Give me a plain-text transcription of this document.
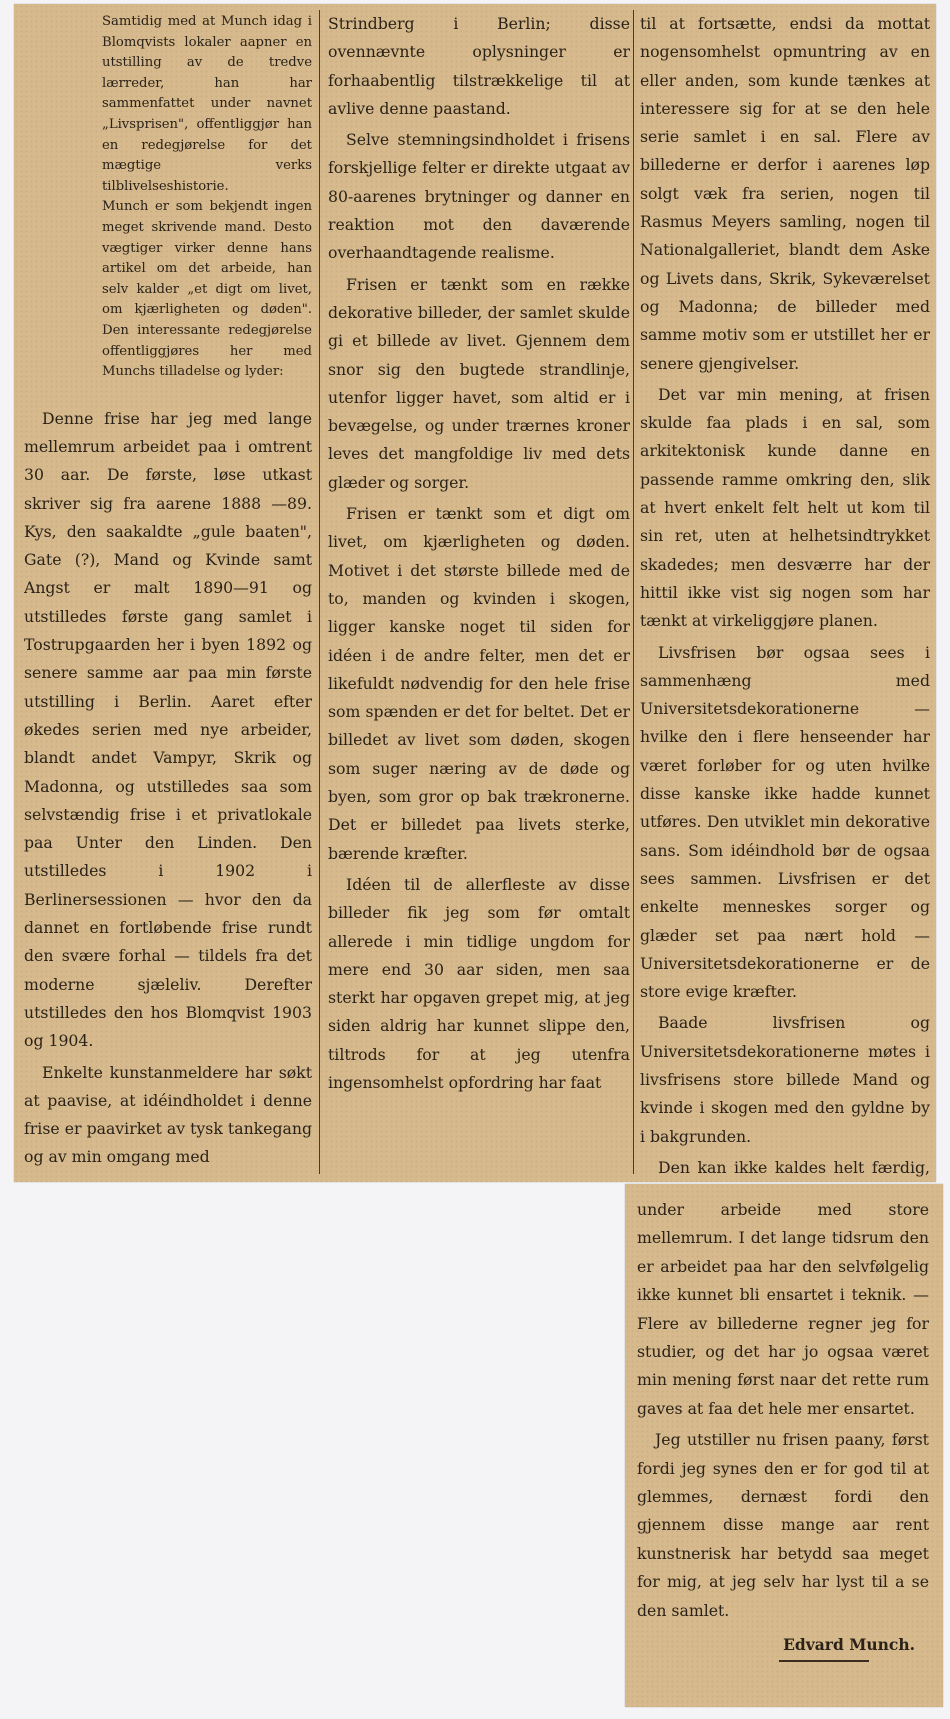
Samtidig med at Munch idag i Blomqvists lokaler aapner en utstilling av de tredve lærreder, han har sammenfattet under navnet „Livsprisen", offentliggjør han en redegjørelse for det mægtige verks tilblivelseshistorie.

Munch er som bekjendt ingen meget skrivende mand. Desto vægtiger virker denne hans artikel om det arbeide, han selv kalder „et digt om livet, om kjærligheten og døden". Den interessante redegjørelse offentliggjøres her med Munchs tilladelse og lyder:

Denne frise har jeg med lange mellemrum arbeidet paa i omtrent 30 aar. De første, løse utkast skriver sig fra aarene 1888 —89. Kys, den saakaldte „gule baaten", Gate (?), Mand og Kvinde samt Angst er malt 1890—91 og utstilledes første gang samlet i Tostrupgaarden her i byen 1892 og senere samme aar paa min første utstilling i Berlin. Aaret efter økedes serien med nye arbeider, blandt andet Vampyr, Skrik og Madonna, og utstilledes saa som selvstændig frise i et privatlokale paa Unter den Linden. Den utstilledes i 1902 i Berlinersessionen — hvor den da dannet en fortløbende frise rundt den svære forhal — tildels fra det moderne sjæleliv. Derefter utstilledes den hos Blomqvist 1903 og 1904.

Enkelte kunstanmeldere har søkt at paavise, at idéindholdet i denne frise er paavirket av tysk tankegang og av min omgang med

Strindberg i Berlin; disse ovennævnte oplysninger er forhaabentlig tilstrækkelige til at avlive denne paastand.

Selve stemningsindholdet i frisens forskjellige felter er direkte utgaat av 80-aarenes brytninger og danner en reaktion mot den daværende overhaandtagende realisme.

Frisen er tænkt som en række dekorative billeder, der samlet skulde gi et billede av livet. Gjennem dem snor sig den bugtede strandlinje, utenfor ligger havet, som altid er i bevægelse, og under trærnes kroner leves det mangfoldige liv med dets glæder og sorger.

Frisen er tænkt som et digt om livet, om kjærligheten og døden. Motivet i det største billede med de to, manden og kvinden i skogen, ligger kanske noget til siden for idéen i de andre felter, men det er likefuldt nødvendig for den hele frise som spænden er det for beltet. Det er billedet av livet som døden, skogen som suger næring av de døde og byen, som gror op bak trækronerne. Det er billedet paa livets sterke, bærende kræfter.

Idéen til de allerfleste av disse billeder fik jeg som før omtalt allerede i min tidlige ungdom for mere end 30 aar siden, men saa sterkt har opgaven grepet mig, at jeg siden aldrig har kunnet slippe den, tiltrods for at jeg utenfra ingensomhelst opfordring har faat

til at fortsætte, endsi da mottat nogensomhelst opmuntring av en eller anden, som kunde tænkes at interessere sig for at se den hele serie samlet i en sal. Flere av billederne er derfor i aarenes løp solgt væk fra serien, nogen til Rasmus Meyers samling, nogen til Nationalgalleriet, blandt dem Aske og Livets dans, Skrik, Sykeværelset og Madonna; de billeder med samme motiv som er utstillet her er senere gjengivelser.

Det var min mening, at frisen skulde faa plads i en sal, som arkitektonisk kunde danne en passende ramme omkring den, slik at hvert enkelt felt helt ut kom til sin ret, uten at helhetsindtrykket skadedes; men desværre har der hittil ikke vist sig nogen som har tænkt at virkeliggjøre planen.

Livsfrisen bør ogsaa sees i sammenhæng med Universitetsdekorationerne — hvilke den i flere henseender har været forløber for og uten hvilke disse kanske ikke hadde kunnet utføres. Den utviklet min dekorative sans. Som idéindhold bør de ogsaa sees sammen. Livsfrisen er det enkelte menneskes sorger og glæder set paa nært hold — Universitetsdekorationerne er de store evige kræfter.

Baade livsfrisen og Universitetsdekorationerne møtes i livsfrisens store billede Mand og kvinde i skogen med den gyldne by i bakgrunden.

Den kan ikke kaldes helt færdig,

under arbeide med store mellemrum. I det lange tidsrum den er arbeidet paa har den selvfølgelig ikke kunnet bli ensartet i teknik. — Flere av billederne regner jeg for studier, og det har jo ogsaa været min mening først naar det rette rum gaves at faa det hele mer ensartet.

Jeg utstiller nu frisen paany, først fordi jeg synes den er for god til at glemmes, dernæst fordi den gjennem disse mange aar rent kunstnerisk har betydd saa meget for mig, at jeg selv har lyst til a se den samlet.

Edvard Munch.
